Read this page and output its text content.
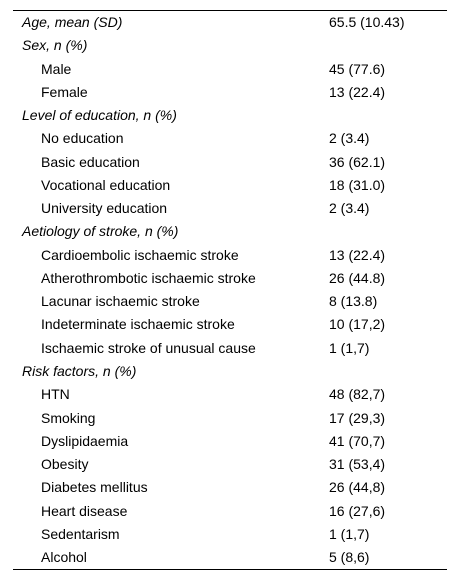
Age, mean (SD)	65.5 (10.43)
Sex, n (%)
Male	45 (77.6)
Female	13 (22.4)
Level of education, n (%)
No education	2 (3.4)
Basic education	36 (62.1)
Vocational education	18 (31.0)
University education	2 (3.4)
Aetiology of stroke, n (%)
Cardioembolic ischaemic stroke	13 (22.4)
Atherothrombotic ischaemic stroke	26 (44.8)
Lacunar ischaemic stroke	8 (13.8)
Indeterminate ischaemic stroke	10 (17,2)
Ischaemic stroke of unusual cause	1 (1,7)
Risk factors, n (%)
HTN	48 (82,7)
Smoking	17 (29,3)
Dyslipidaemia	41 (70,7)
Obesity	31 (53,4)
Diabetes mellitus	26 (44,8)
Heart disease	16 (27,6)
Sedentarism	1 (1,7)
Alcohol	5 (8,6)
